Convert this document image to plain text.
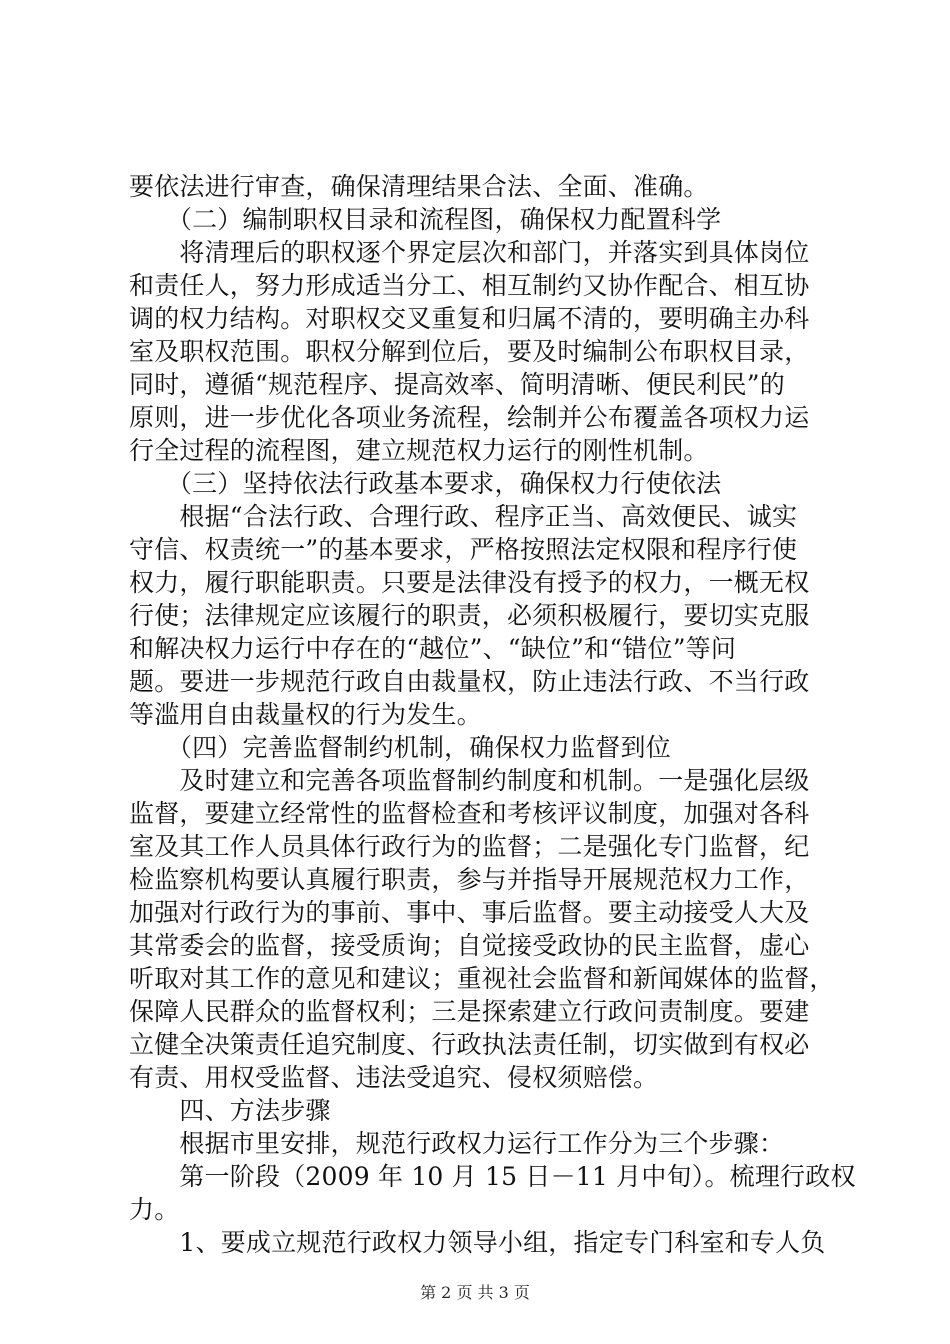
要依法进行审查，确保清理结果合法、全面、准确。
　　（二）编制职权目录和流程图，确保权力配置科学
　　将清理后的职权逐个界定层次和部门，并落实到具体岗位
和责任人，努力形成适当分工、相互制约又协作配合、相互协
调的权力结构。对职权交叉重复和归属不清的，要明确主办科
室及职权范围。职权分解到位后，要及时编制公布职权目录，
同时，遵循“规范程序、提高效率、简明清晰、便民利民”的
原则，进一步优化各项业务流程，绘制并公布覆盖各项权力运
行全过程的流程图，建立规范权力运行的刚性机制。
　　（三）坚持依法行政基本要求，确保权力行使依法
　　根据“合法行政、合理行政、程序正当、高效便民、诚实
守信、权责统一”的基本要求，严格按照法定权限和程序行使
权力，履行职能职责。只要是法律没有授予的权力，一概无权
行使；法律规定应该履行的职责，必须积极履行，要切实克服
和解决权力运行中存在的“越位”、“缺位”和“错位”等问
题。要进一步规范行政自由裁量权，防止违法行政、不当行政
等滥用自由裁量权的行为发生。
　　（四）完善监督制约机制，确保权力监督到位
　　及时建立和完善各项监督制约制度和机制。一是强化层级
监督，要建立经常性的监督检查和考核评议制度，加强对各科
室及其工作人员具体行政行为的监督；二是强化专门监督，纪
检监察机构要认真履行职责，参与并指导开展规范权力工作，
加强对行政行为的事前、事中、事后监督。要主动接受人大及
其常委会的监督，接受质询；自觉接受政协的民主监督，虚心
听取对其工作的意见和建议；重视社会监督和新闻媒体的监督，
保障人民群众的监督权利；三是探索建立行政问责制度。要建
立健全决策责任追究制度、行政执法责任制，切实做到有权必
有责、用权受监督、违法受追究、侵权须赔偿。
　　四、方法步骤
　　根据市里安排，规范行政权力运行工作分为三个步骤：
　　第一阶段（2009 年 10 月 15 日－11 月中旬）。梳理行政权
力。
　　1、要成立规范行政权力领导小组，指定专门科室和专人负
第 2 页 共 3 页
